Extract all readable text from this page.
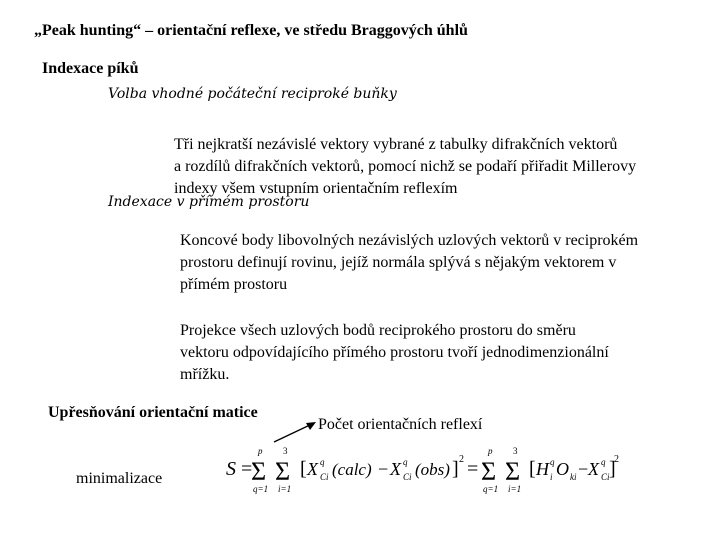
„Peak hunting“ – orientační reflexe, ve středu Braggových úhlů
Indexace píků
Volba vhodné počáteční reciproké buňky
Tři nejkratší nezávislé vektory vybrané z tabulky difrakčních vektorů
a rozdílů difrakčních vektorů, pomocí nichž se podaří přiřadit Millerovy
indexy všem vstupním orientačním reflexím
Indexace v přímém prostoru
Koncové body libovolných nezávislých uzlových vektorů v reciprokém
prostoru definují rovinu, jejíž normála splývá s nějakým vektorem v
přímém prostoru
Projekce všech uzlových bodů reciprokého prostoru do směru
vektoru odpovídajícího přímého prostoru tvoří jednodimenzionální
mřížku.
Upřesňování orientační matice
Počet orientačních reflexí
minimalizace	S =
p
Σ
q=1
3
Σ
i=1
[ X q
Ci (calc) − X q
Ci (obs) ] 2 =
p
Σ
q=1
3
Σ
i=1
[ H q
i O ki − X q
Ci ]
2
